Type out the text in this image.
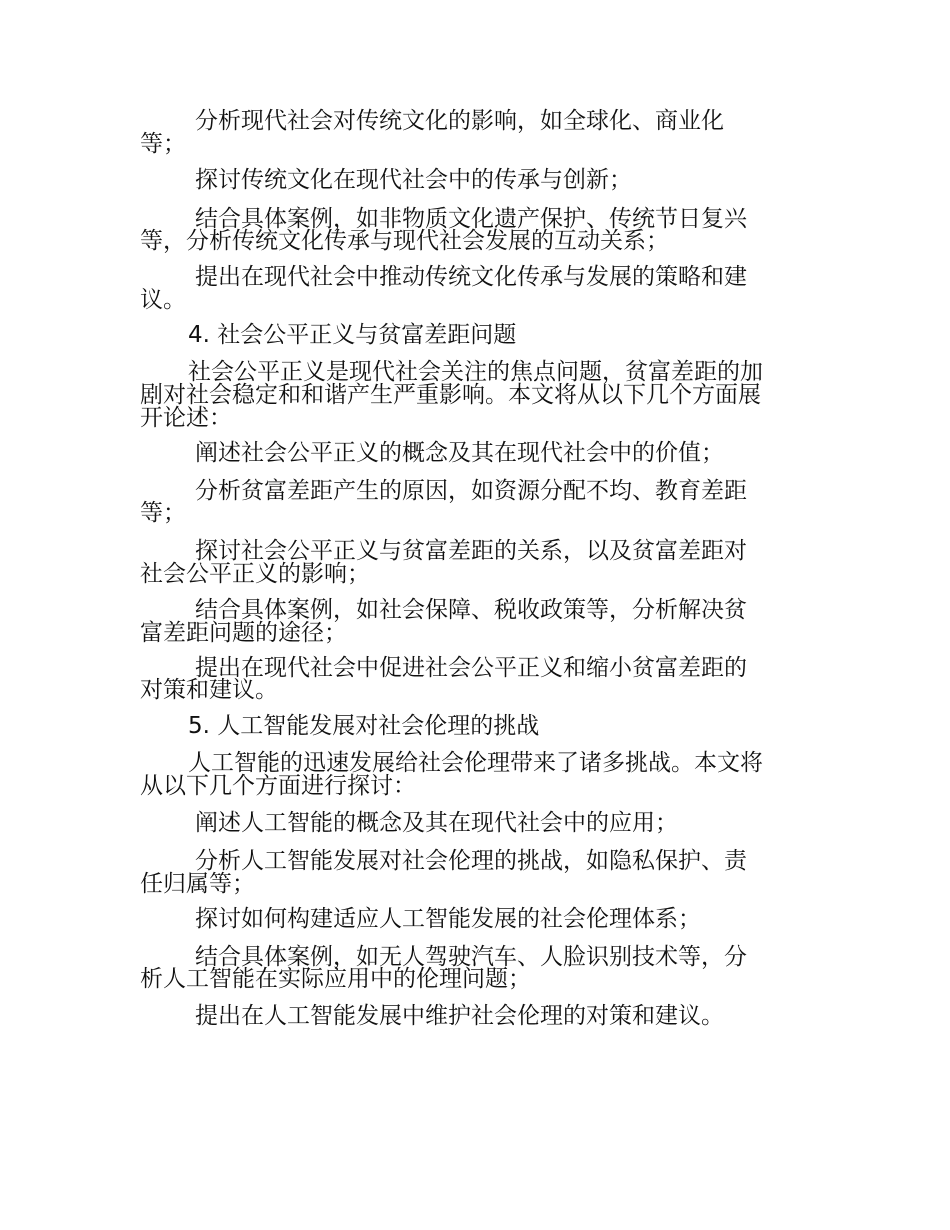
分析现代社会对传统文化的影响，如全球化、商业化
等；
探讨传统文化在现代社会中的传承与创新；
结合具体案例，如非物质文化遗产保护、传统节日复兴
等，分析传统文化传承与现代社会发展的互动关系；
提出在现代社会中推动传统文化传承与发展的策略和建
议。
4. 社会公平正义与贫富差距问题
社会公平正义是现代社会关注的焦点问题，贫富差距的加
剧对社会稳定和和谐产生严重影响。本文将从以下几个方面展
开论述：
阐述社会公平正义的概念及其在现代社会中的价值；
分析贫富差距产生的原因，如资源分配不均、教育差距
等；
探讨社会公平正义与贫富差距的关系，以及贫富差距对
社会公平正义的影响；
结合具体案例，如社会保障、税收政策等，分析解决贫
富差距问题的途径；
提出在现代社会中促进社会公平正义和缩小贫富差距的
对策和建议。
5. 人工智能发展对社会伦理的挑战
人工智能的迅速发展给社会伦理带来了诸多挑战。本文将
从以下几个方面进行探讨：
阐述人工智能的概念及其在现代社会中的应用；
分析人工智能发展对社会伦理的挑战，如隐私保护、责
任归属等；
探讨如何构建适应人工智能发展的社会伦理体系；
结合具体案例，如无人驾驶汽车、人脸识别技术等，分
析人工智能在实际应用中的伦理问题；
提出在人工智能发展中维护社会伦理的对策和建议。
